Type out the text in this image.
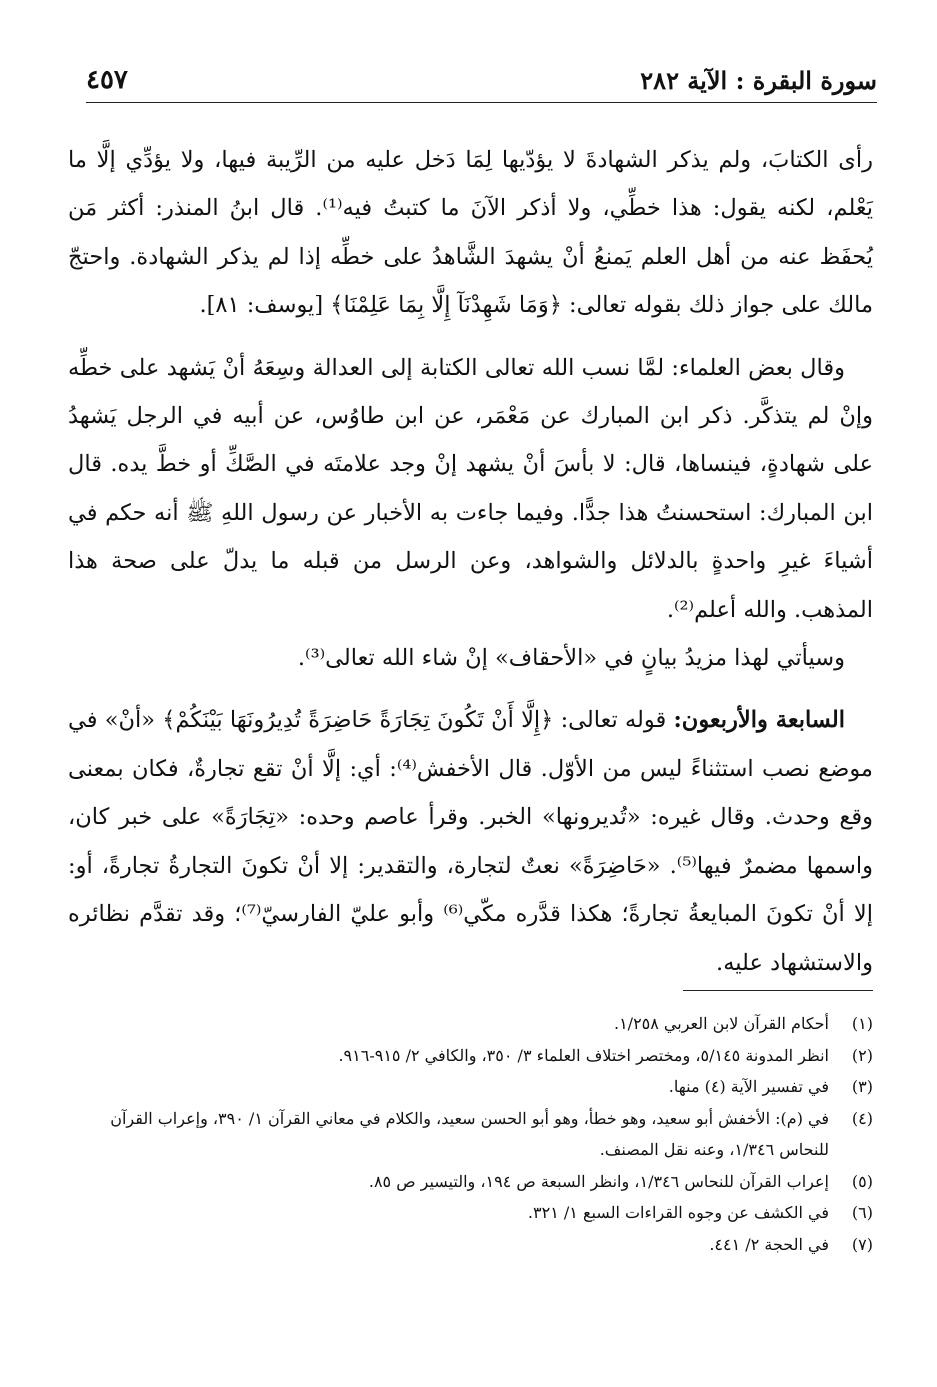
سورة البقرة : الآية ٢٨٢
٤٥٧

رأى الكتابَ، ولم يذكر الشهادةَ لا يؤدّيها لِمَا دَخل عليه من الرِّيبة فيها، ولا يؤدِّي إلَّا ما يَعْلم، لكنه يقول: هذا خطِّي، ولا أذكر الآنَ ما كتبتُ فيه⁽¹⁾. قال ابنُ المنذر: أكثر مَن يُحفَظ عنه من أهل العلم يَمنعُ أنْ يشهدَ الشَّاهدُ على خطِّه إذا لم يذكر الشهادة. واحتجّ مالك على جواز ذلك بقوله تعالى: ﴿وَمَا شَهِدْنَآ إِلَّا بِمَا عَلِمْنَا﴾ [يوسف: ٨١].

وقال بعض العلماء: لمَّا نسب الله تعالى الكتابة إلى العدالة وسِعَهُ أنْ يَشهد على خطِّه وإنْ لم يتذكَّر. ذكر ابن المبارك عن مَعْمَر، عن ابن طاوُس، عن أبيه في الرجل يَشهدُ على شهادةٍ، فينساها، قال: لا بأسَ أنْ يشهد إنْ وجد علامتَه في الصَّكِّ أو خطَّ يده. قال ابن المبارك: استحسنتُ هذا جدًّا. وفيما جاءت به الأخبار عن رسول اللهِ ﷺ أنه حكم في أشياءَ غيرِ واحدةٍ بالدلائل والشواهد، وعن الرسل من قبله ما يدلّ على صحة هذا المذهب. والله أعلم⁽²⁾.

وسيأتي لهذا مزيدُ بيانٍ في «الأحقاف» إنْ شاء الله تعالى⁽³⁾.

السابعة والأربعون: قوله تعالى: ﴿إِلَّا أَنْ تَكُونَ تِجَارَةً حَاضِرَةً تُدِيرُونَهَا بَيْنَكُمْ﴾ «أنْ» في موضع نصب استثناءً ليس من الأوّل. قال الأخفش⁽⁴⁾: أي: إلَّا أنْ تقع تجارةٌ، فكان بمعنى وقع وحدث. وقال غيره: «تُديرونها» الخبر. وقرأ عاصم وحده: «تِجَارَةً» على خبر كان، واسمها مضمرٌ فيها⁽⁵⁾. «حَاضِرَةً» نعتٌ لتجارة، والتقدير: إلا أنْ تكونَ التجارةُ تجارةً، أو: إلا أنْ تكونَ المبايعةُ تجارةً؛ هكذا قدَّره مكّي⁽⁶⁾ وأبو عليّ الفارسيّ⁽⁷⁾؛ وقد تقدَّم نظائره والاستشهاد عليه.

(١)
أحكام القرآن لابن العربي ١/٢٥٨.
(٢)
انظر المدونة ٥/١٤٥، ومختصر اختلاف العلماء ٣/ ٣٥٠، والكافي ٢/ ٩١٥-٩١٦.
(٣)
في تفسير الآية (٤) منها.
(٤)
في (م): الأخفش أبو سعيد، وهو خطأ، وهو أبو الحسن سعيد، والكلام في معاني القرآن ١/ ٣٩٠، وإعراب القرآن للنحاس ١/٣٤٦، وعنه نقل المصنف.
(٥)
إعراب القرآن للنحاس ١/٣٤٦، وانظر السبعة ص ١٩٤، والتيسير ص ٨٥.
(٦)
في الكشف عن وجوه القراءات السبع ١/ ٣٢١.
(٧)
في الحجة ٢/ ٤٤١.
